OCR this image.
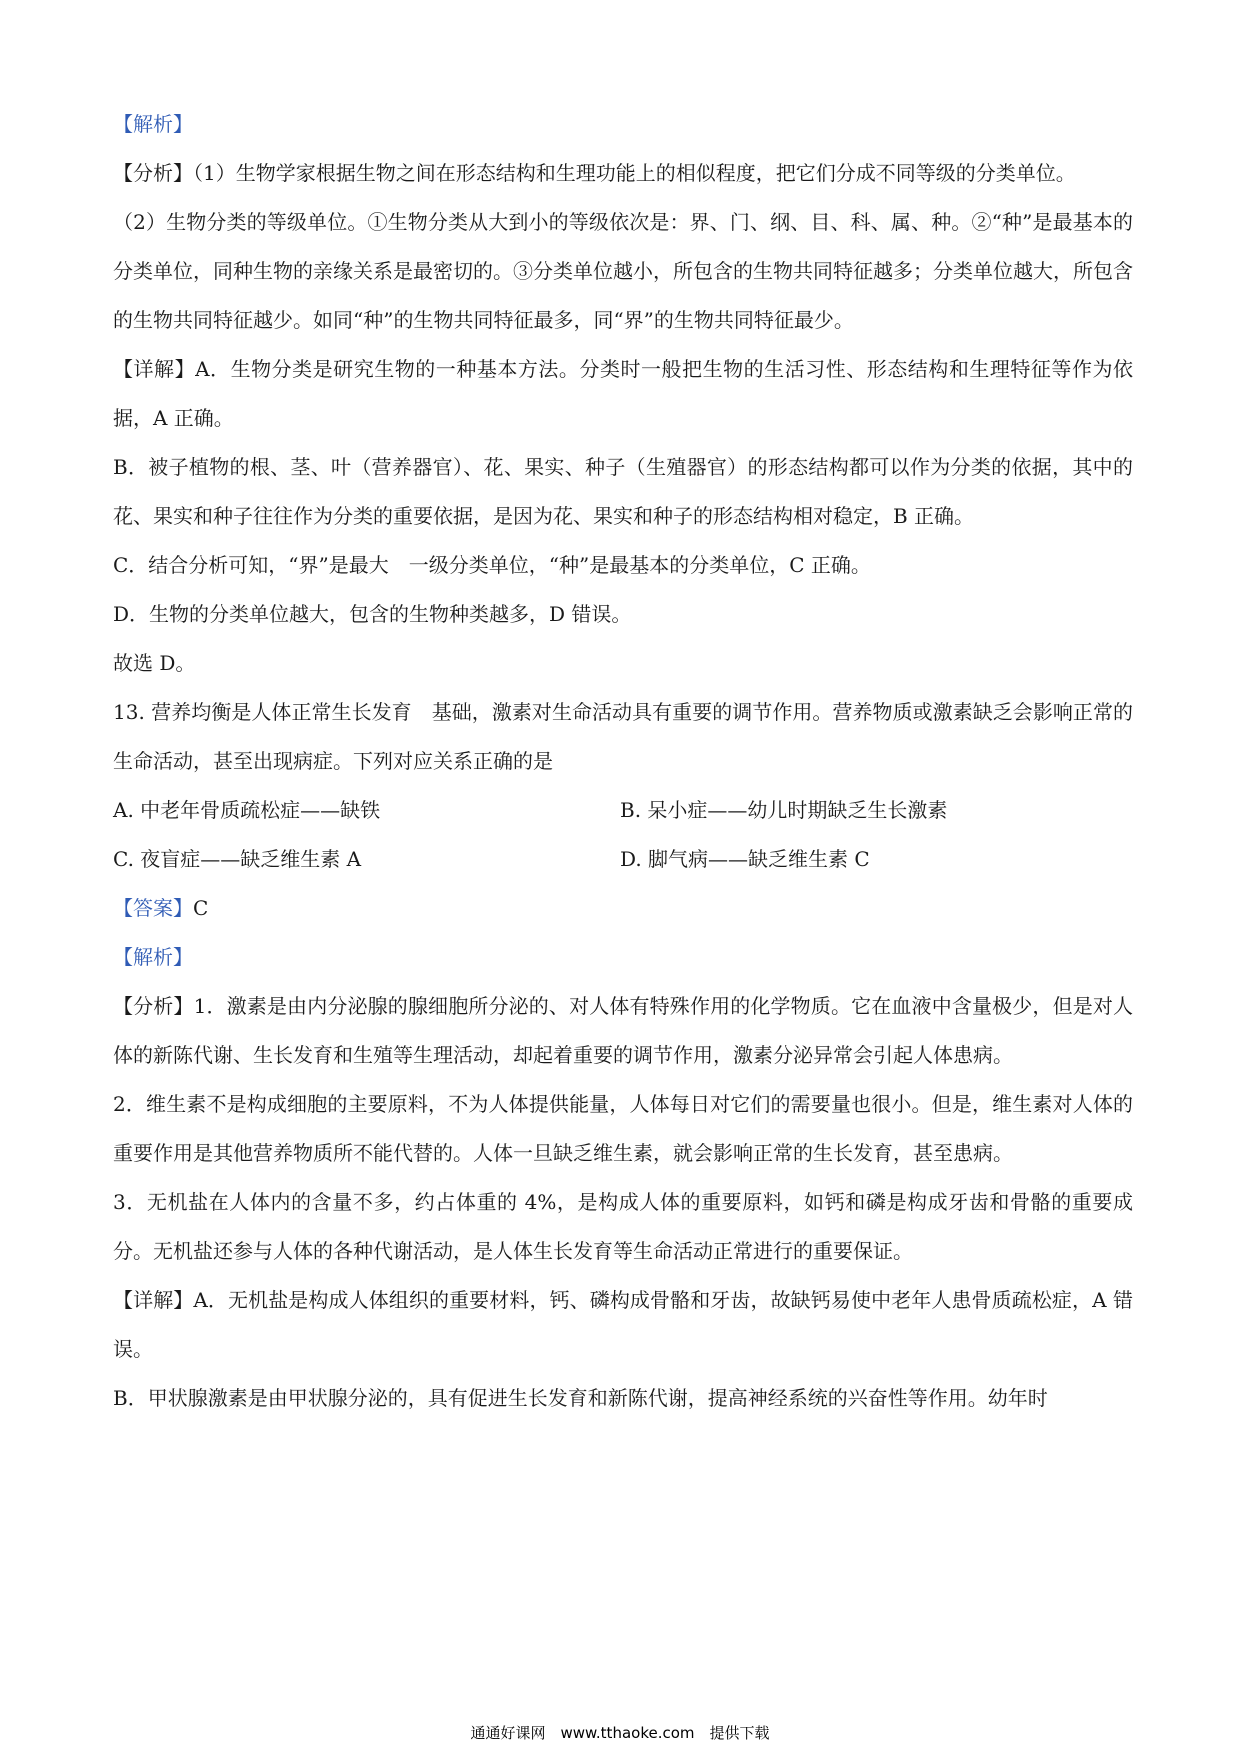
【解析】

【分析】（1）生物学家根据生物之间在形态结构和生理功能上的相似程度，把它们分成不同等级的分类单位。

（2）生物分类的等级单位。①生物分类从大到小的等级依次是：界、门、纲、目、科、属、种。②“种”是最基本的分类单位，同种生物的亲缘关系是最密切的。③分类单位越小，所包含的生物共同特征越多；分类单位越大，所包含的生物共同特征越少。如同“种”的生物共同特征最多，同“界”的生物共同特征最少。

【详解】A．生物分类是研究生物的一种基本方法。分类时一般把生物的生活习性、形态结构和生理特征等作为依据，A 正确。

B．被子植物的根、茎、叶（营养器官）、花、果实、种子（生殖器官）的形态结构都可以作为分类的依据，其中的花、果实和种子往往作为分类的重要依据，是因为花、果实和种子的形态结构相对稳定，B 正确。

C．结合分析可知，“界”是最大　一级分类单位，“种”是最基本的分类单位，C 正确。

D．生物的分类单位越大，包含的生物种类越多，D 错误。

故选 D。

13. 营养均衡是人体正常生长发育　基础，激素对生命活动具有重要的调节作用。营养物质或激素缺乏会影响正常的生命活动，甚至出现病症。下列对应关系正确的是

A. 中老年骨质疏松症——缺铁	B. 呆小症——幼儿时期缺乏生长激素
C. 夜盲症——缺乏维生素 A	D. 脚气病——缺乏维生素 C

【答案】C

【解析】

【分析】1．激素是由内分泌腺的腺细胞所分泌的、对人体有特殊作用的化学物质。它在血液中含量极少，但是对人体的新陈代谢、生长发育和生殖等生理活动，却起着重要的调节作用，激素分泌异常会引起人体患病。

2．维生素不是构成细胞的主要原料，不为人体提供能量，人体每日对它们的需要量也很小。但是，维生素对人体的重要作用是其他营养物质所不能代替的。人体一旦缺乏维生素，就会影响正常的生长发育，甚至患病。

3．无机盐在人体内的含量不多，约占体重的 4%，是构成人体的重要原料，如钙和磷是构成牙齿和骨骼的重要成分。无机盐还参与人体的各种代谢活动，是人体生长发育等生命活动正常进行的重要保证。

【详解】A．无机盐是构成人体组织的重要材料，钙、磷构成骨骼和牙齿，故缺钙易使中老年人患骨质疏松症，A 错误。

B．甲状腺激素是由甲状腺分泌的，具有促进生长发育和新陈代谢，提高神经系统的兴奋性等作用。幼年时

通通好课网　www.tthaoke.com　提供下载
